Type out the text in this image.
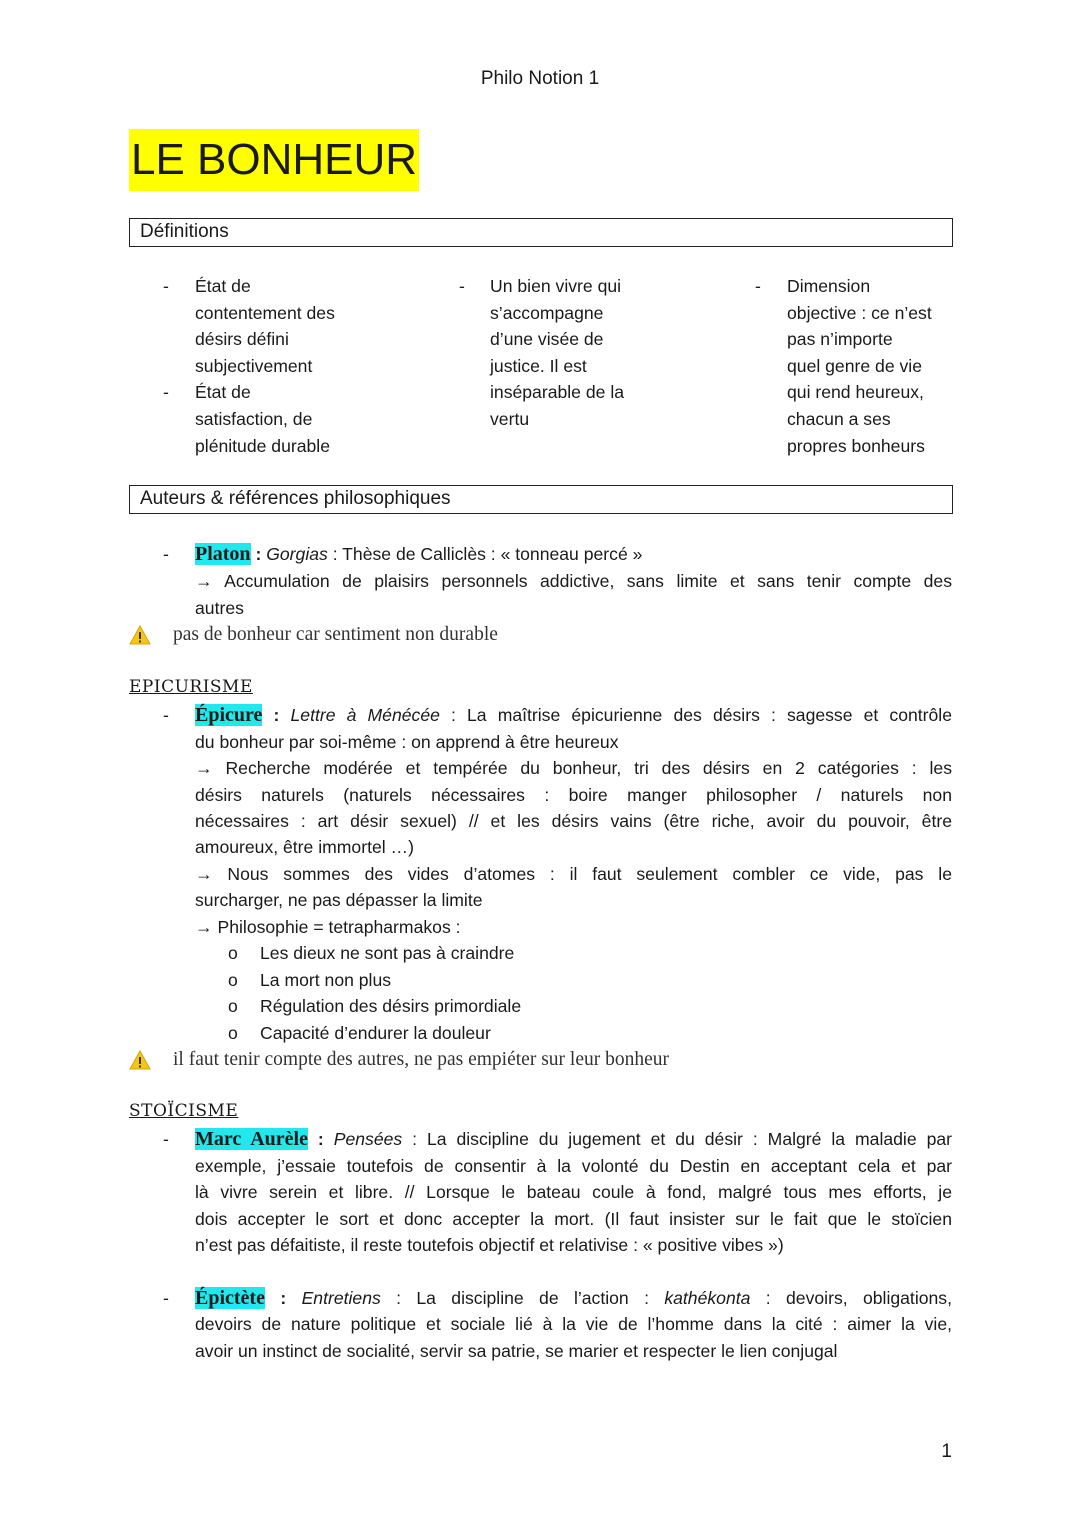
Philo Notion 1
LE BONHEUR
Définitions
- État de
contentement des
désirs défini
subjectivement
- État de
satisfaction, de
plénitude durable
- Un bien vivre qui
s’accompagne
d’une visée de
justice. Il est
inséparable de la
vertu
- Dimension
objective : ce n’est
pas n’importe
quel genre de vie
qui rend heureux,
chacun a ses
propres bonheurs
Auteurs & références philosophiques
- Platon : Gorgias : Thèse de Calliclès : « tonneau percé »
→ Accumulation de plaisirs personnels addictive, sans limite et sans tenir compte des
autres
pas de bonheur car sentiment non durable
EPICURISME
- Épicure : Lettre à Ménécée : La maîtrise épicurienne des désirs : sagesse et contrôle
du bonheur par soi-même : on apprend à être heureux
→ Recherche modérée et tempérée du bonheur, tri des désirs en 2 catégories : les
désirs naturels (naturels nécessaires : boire manger philosopher / naturels non
nécessaires : art désir sexuel) // et les désirs vains (être riche, avoir du pouvoir, être
amoureux, être immortel …)
→ Nous sommes des vides d’atomes : il faut seulement combler ce vide, pas le
surcharger, ne pas dépasser la limite
→ Philosophie = tetrapharmakos :
o Les dieux ne sont pas à craindre
o La mort non plus
o Régulation des désirs primordiale
o Capacité d’endurer la douleur
il faut tenir compte des autres, ne pas empiéter sur leur bonheur
STOÏCISME
- Marc Aurèle : Pensées : La discipline du jugement et du désir : Malgré la maladie par
exemple, j’essaie toutefois de consentir à la volonté du Destin en acceptant cela et par
là vivre serein et libre. // Lorsque le bateau coule à fond, malgré tous mes efforts, je
dois accepter le sort et donc accepter la mort. (Il faut insister sur le fait que le stoïcien
n’est pas défaitiste, il reste toutefois objectif et relativise : « positive vibes »)
- Épictète : Entretiens : La discipline de l’action : kathékonta : devoirs, obligations,
devoirs de nature politique et sociale lié à la vie de l’homme dans la cité : aimer la vie,
avoir un instinct de socialité, servir sa patrie, se marier et respecter le lien conjugal
1
